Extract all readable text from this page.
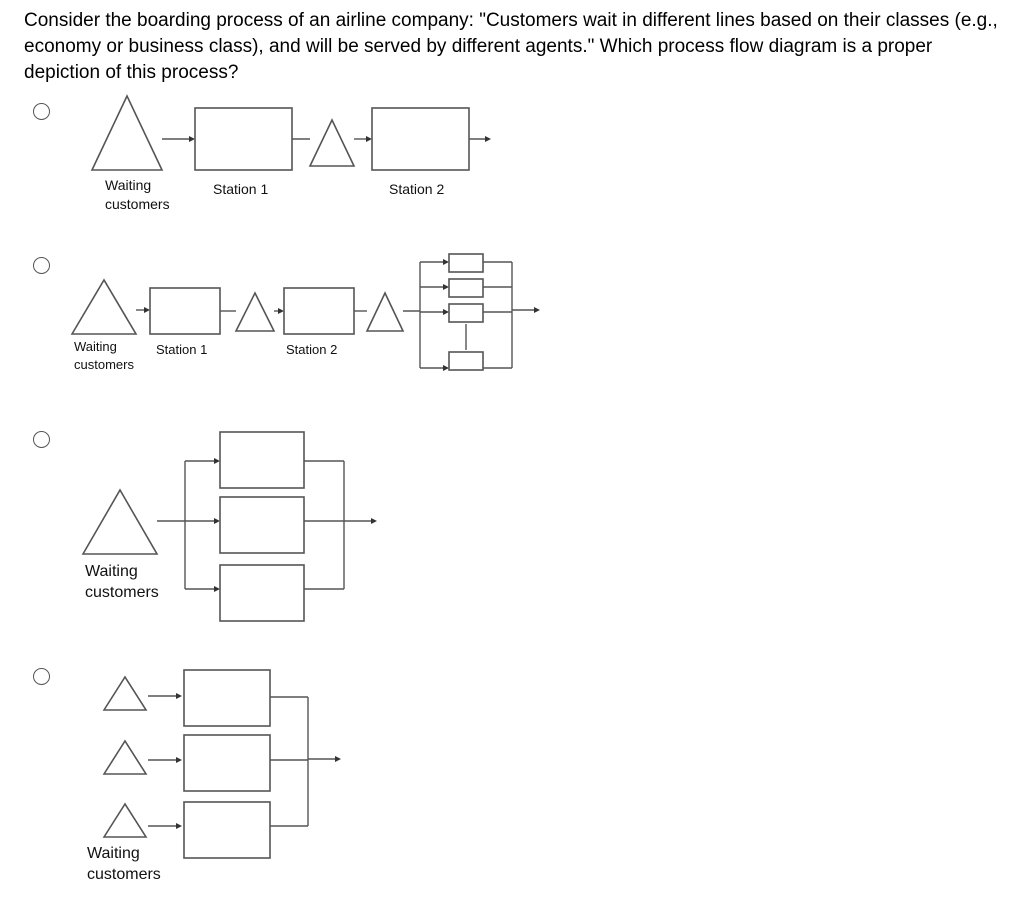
Consider the boarding process of an airline company: "Customers wait in different lines based on their classes (e.g., economy or business class), and will be served by different agents." Which process flow diagram is a proper depiction of this process?

Waiting
customers
Station 1	Station 2
Waiting
customers
Station 1	Station 2
Waiting
customers
Waiting
customers
